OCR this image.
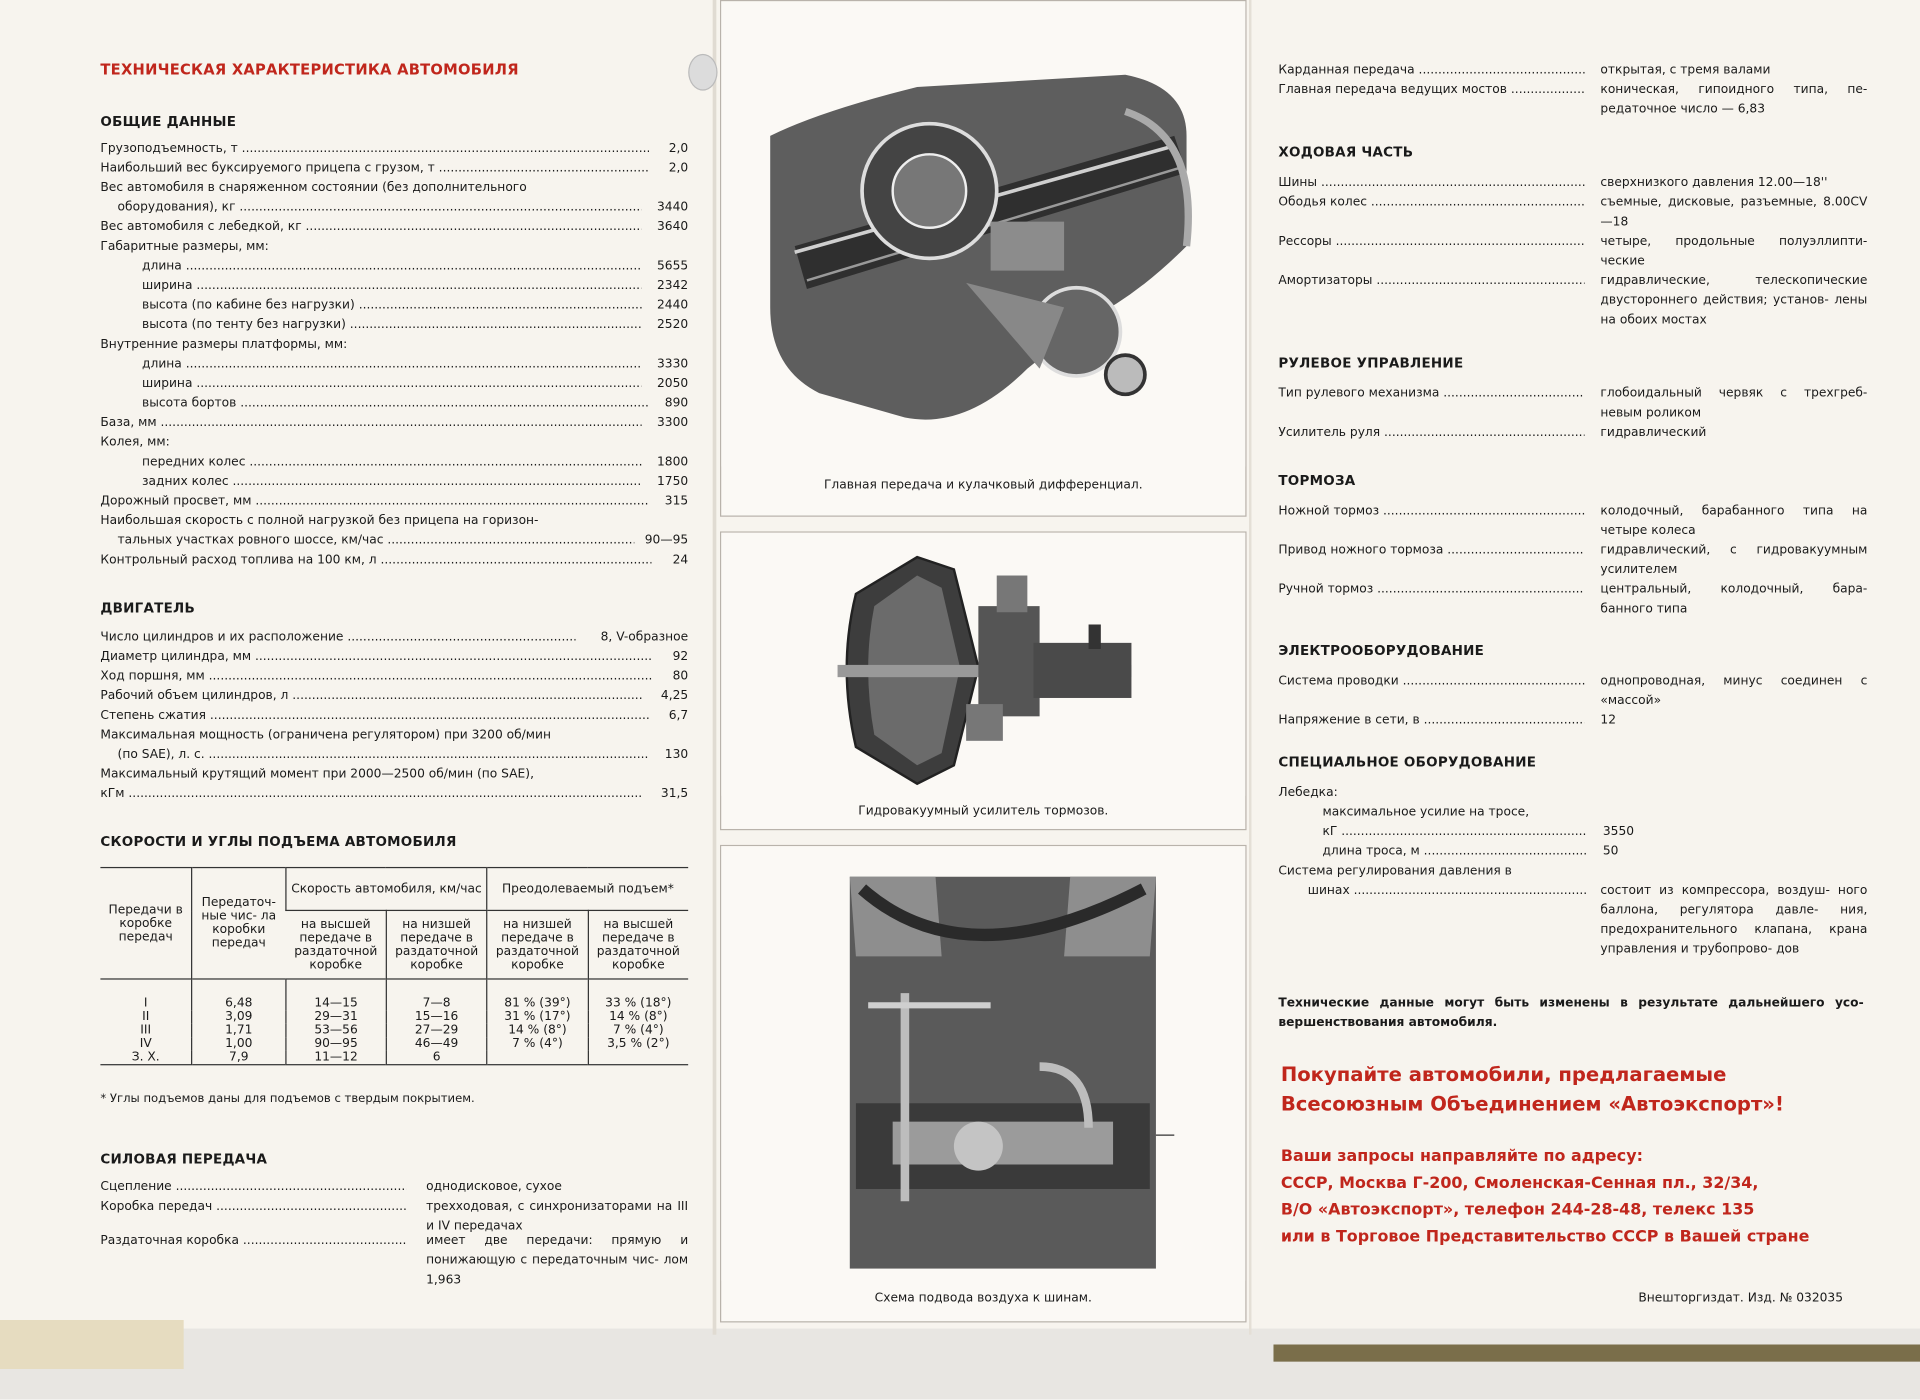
ТЕХНИЧЕСКАЯ ХАРАКТЕРИСТИКА АВТОМОБИЛЯ
ОБЩИЕ ДАННЫЕ
ДВИГАТЕЛЬ
СКОРОСТИ И УГЛЫ ПОДЪЕМА АВТОМОБИЛЯ
Передачи в коробке передач	Передаточ- ные чис- ла коробки передач	Скорость автомобиля, км/час		Преодолеваемый подъем*	
		на высшей передаче в раздаточной коробке	на низшей передаче в раздаточной коробке	на низшей передаче в раздаточной коробке	на высшей передаче в раздаточной коробке
I	6,48	14—15	7—8	81 % (39°)	33 % (18°)
II	3,09	29—31	15—16	31 % (17°)	14 % (8°)
III	1,71	53—56	27—29	14 % (8°)	7 % (4°)
IV	1,00	90—95	46—49	7 % (4°)	3,5 % (2°)
З. Х.	7,9	11—12	6		
* Углы подъемов даны для подъемов с твердым покрытием.
СИЛОВАЯ ПЕРЕДАЧА
Главная передача и кулачковый дифференциал.
Гидровакуумный усилитель тормозов.
Схема подвода воздуха к шинам.
Технические данные могут быть изменены в результате дальнейшего усо- вершенствования автомобиля.
Покупайте автомобили, предлагаемые
Всесоюзным Объединением «Автоэкспорт»!
Ваши запросы направляйте по адресу:
СССР, Москва Г-200, Смоленская-Сенная пл., 32/34,
В/О «Автоэкспорт», телефон 244-28-48, телекс 135
или в Торговое Представительство СССР в Вашей стране
Внешторгиздат. Изд. № 032035
Грузоподъемность, т .....	2,0
Наибольший вес буксируемого прицепа с грузом, т .....	2,0
Вес автомобиля в снаряженном состоянии (без дополнительного
оборудования), кг .....	3440
Вес автомобиля с лебедкой, кг .....	3640
Габаритные размеры, мм:
длина .....	5655
ширина .....	2342
высота (по кабине без нагрузки) .....	2440
высота (по тенту без нагрузки) .....	2520
Внутренние размеры платформы, мм:
длина .....	3330
ширина .....	2050
высота бортов .....	890
База, мм .....	3300
Колея, мм:
передних колес .....	1800
задних колес .....	1750
Дорожный просвет, мм .....	315
Наибольшая скорость с полной нагрузкой без прицепа на горизон-
тальных участках ровного шоссе, км/час .....	90—95
Контрольный расход топлива на 100 км, л .....	24
Число цилиндров и их расположение .....	8, V-образное
Диаметр цилиндра, мм .....	92
Ход поршня, мм .....	80
Рабочий объем цилиндров, л .....	4,25
Степень сжатия .....	6,7
Максимальная мощность (ограничена регулятором) при 3200 об/мин
(по SAE), л. с. .....	130
Максимальный крутящий момент при 2000—2500 об/мин (по SAE),
кГм .....	31,5
Сцепление .....	однодисковое, сухое
Коробка передач .....	трехходовая, с синхронизаторами на III и IV передачах
Раздаточная коробка .....	имеет две передачи: прямую и понижающую с передаточным чис- лом 1,963
Карданная передача .....	открытая, с тремя валами
Главная передача ведущих мостов .....	коническая, гипоидного типа, пе- редаточное число — 6,83
ХОДОВАЯ ЧАСТЬ
Шины .....	сверхнизкого давления 12.00—18''
Ободья колес .....	съемные, дисковые, разъемные, 8.00CV—18
Рессоры .....	четыре, продольные полуэллипти- ческие
Амортизаторы .....	гидравлические, телескопические двустороннего действия; установ- лены на обоих мостах
РУЛЕВОЕ УПРАВЛЕНИЕ
Тип рулевого механизма .....	глобоидальный червяк с трехгреб- невым роликом
Усилитель руля .....	гидравлический
ТОРМОЗА
Ножной тормоз .....	колодочный, барабанного типа на четыре колеса
Привод ножного тормоза .....	гидравлический, с гидровакуумным усилителем
Ручной тормоз .....	центральный, колодочный, бара- банного типа
ЭЛЕКТРООБОРУДОВАНИЕ
Система проводки .....	однопроводная, минус соединен с «массой»
Напряжение в сети, в .....	12
СПЕЦИАЛЬНОЕ ОБОРУДОВАНИЕ
Лебедка:
максимальное усилие на тросе,
кГ .....	3550
длина троса, м .....	50
Система регулирования давления в
шинах .....	состоит из компрессора, воздуш- ного баллона, регулятора давле- ния, предохранительного клапана, крана управления и трубопрово- дов
